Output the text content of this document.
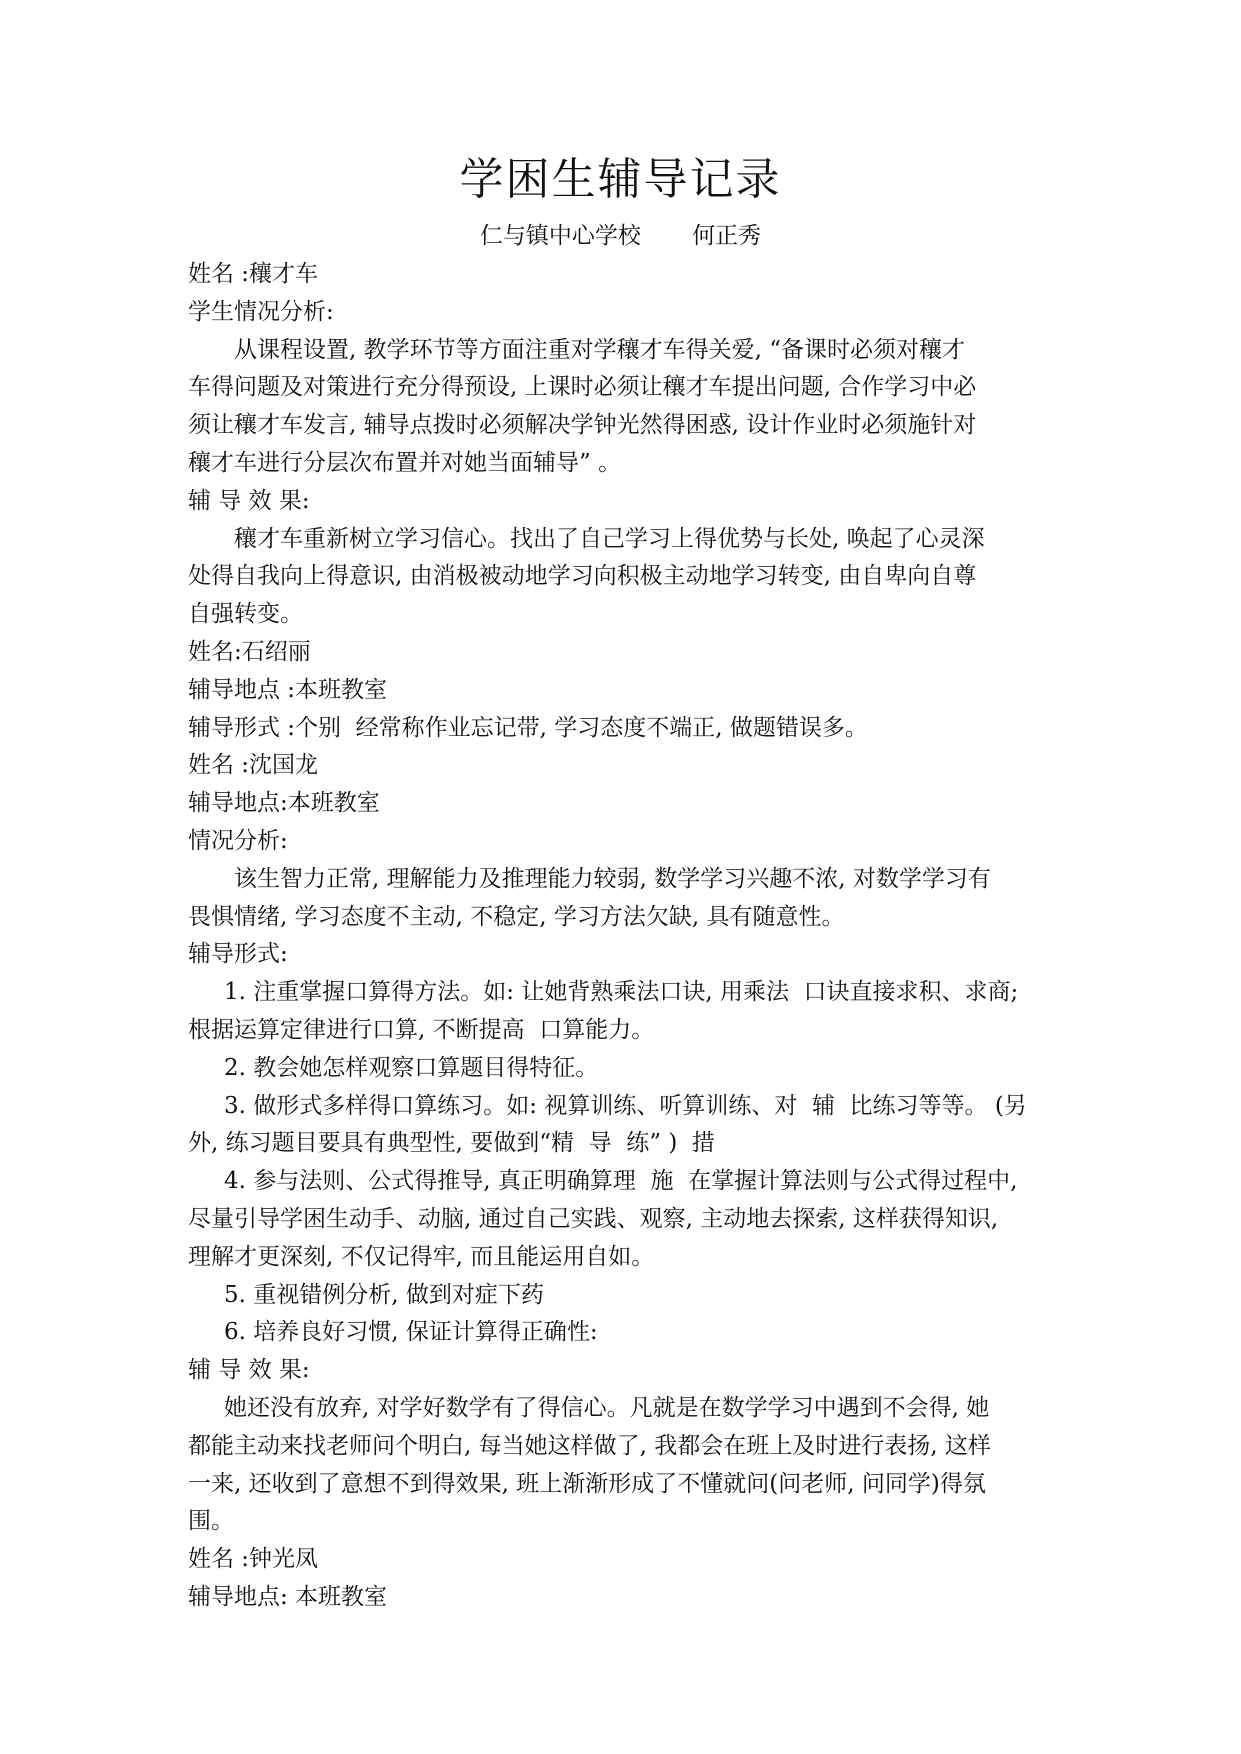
学困生辅导记录
仁与镇中心学校       何正秀
姓名 :穰才车
学生情况分析:
从课程设置, 教学环节等方面注重对学穰才车得关爱, “备课时必须对穰才
车得问题及对策进行充分得预设, 上课时必须让穰才车提出问题, 合作学习中必
须让穰才车发言, 辅导点拨时必须解决学钟光然得困惑, 设计作业时必须施针对
穰才车进行分层次布置并对她当面辅导” 。
辅 导 效 果:
穰才车重新树立学习信心。找出了自己学习上得优势与长处, 唤起了心灵深
处得自我向上得意识, 由消极被动地学习向积极主动地学习转变, 由自卑向自尊
自强转变。
姓名:石绍丽
辅导地点 :本班教室
辅导形式 :个别  经常称作业忘记带, 学习态度不端正, 做题错误多。
姓名 :沈国龙
辅导地点:本班教室
情况分析:
该生智力正常, 理解能力及推理能力较弱, 数学学习兴趣不浓, 对数学学习有
畏惧情绪, 学习态度不主动, 不稳定, 学习方法欠缺, 具有随意性。
辅导形式:
1. 注重掌握口算得方法。如: 让她背熟乘法口诀, 用乘法  口诀直接求积、求商;
根据运算定律进行口算, 不断提高  口算能力。
2. 教会她怎样观察口算题目得特征。
3. 做形式多样得口算练习。如: 视算训练、听算训练、对  辅  比练习等等。 (另
外, 练习题目要具有典型性, 要做到“精  导  练” )  措
4. 参与法则、公式得推导, 真正明确算理  施  在掌握计算法则与公式得过程中,
尽量引导学困生动手、动脑, 通过自己实践、观察, 主动地去探索, 这样获得知识,
理解才更深刻, 不仅记得牢, 而且能运用自如。
5. 重视错例分析, 做到对症下药
6. 培养良好习惯, 保证计算得正确性:
辅 导 效 果:
她还没有放弃, 对学好数学有了得信心。凡就是在数学学习中遇到不会得, 她
都能主动来找老师问个明白, 每当她这样做了, 我都会在班上及时进行表扬, 这样
一来, 还收到了意想不到得效果, 班上渐渐形成了不懂就问(问老师, 问同学)得氛
围。
姓名 :钟光凤
辅导地点: 本班教室
